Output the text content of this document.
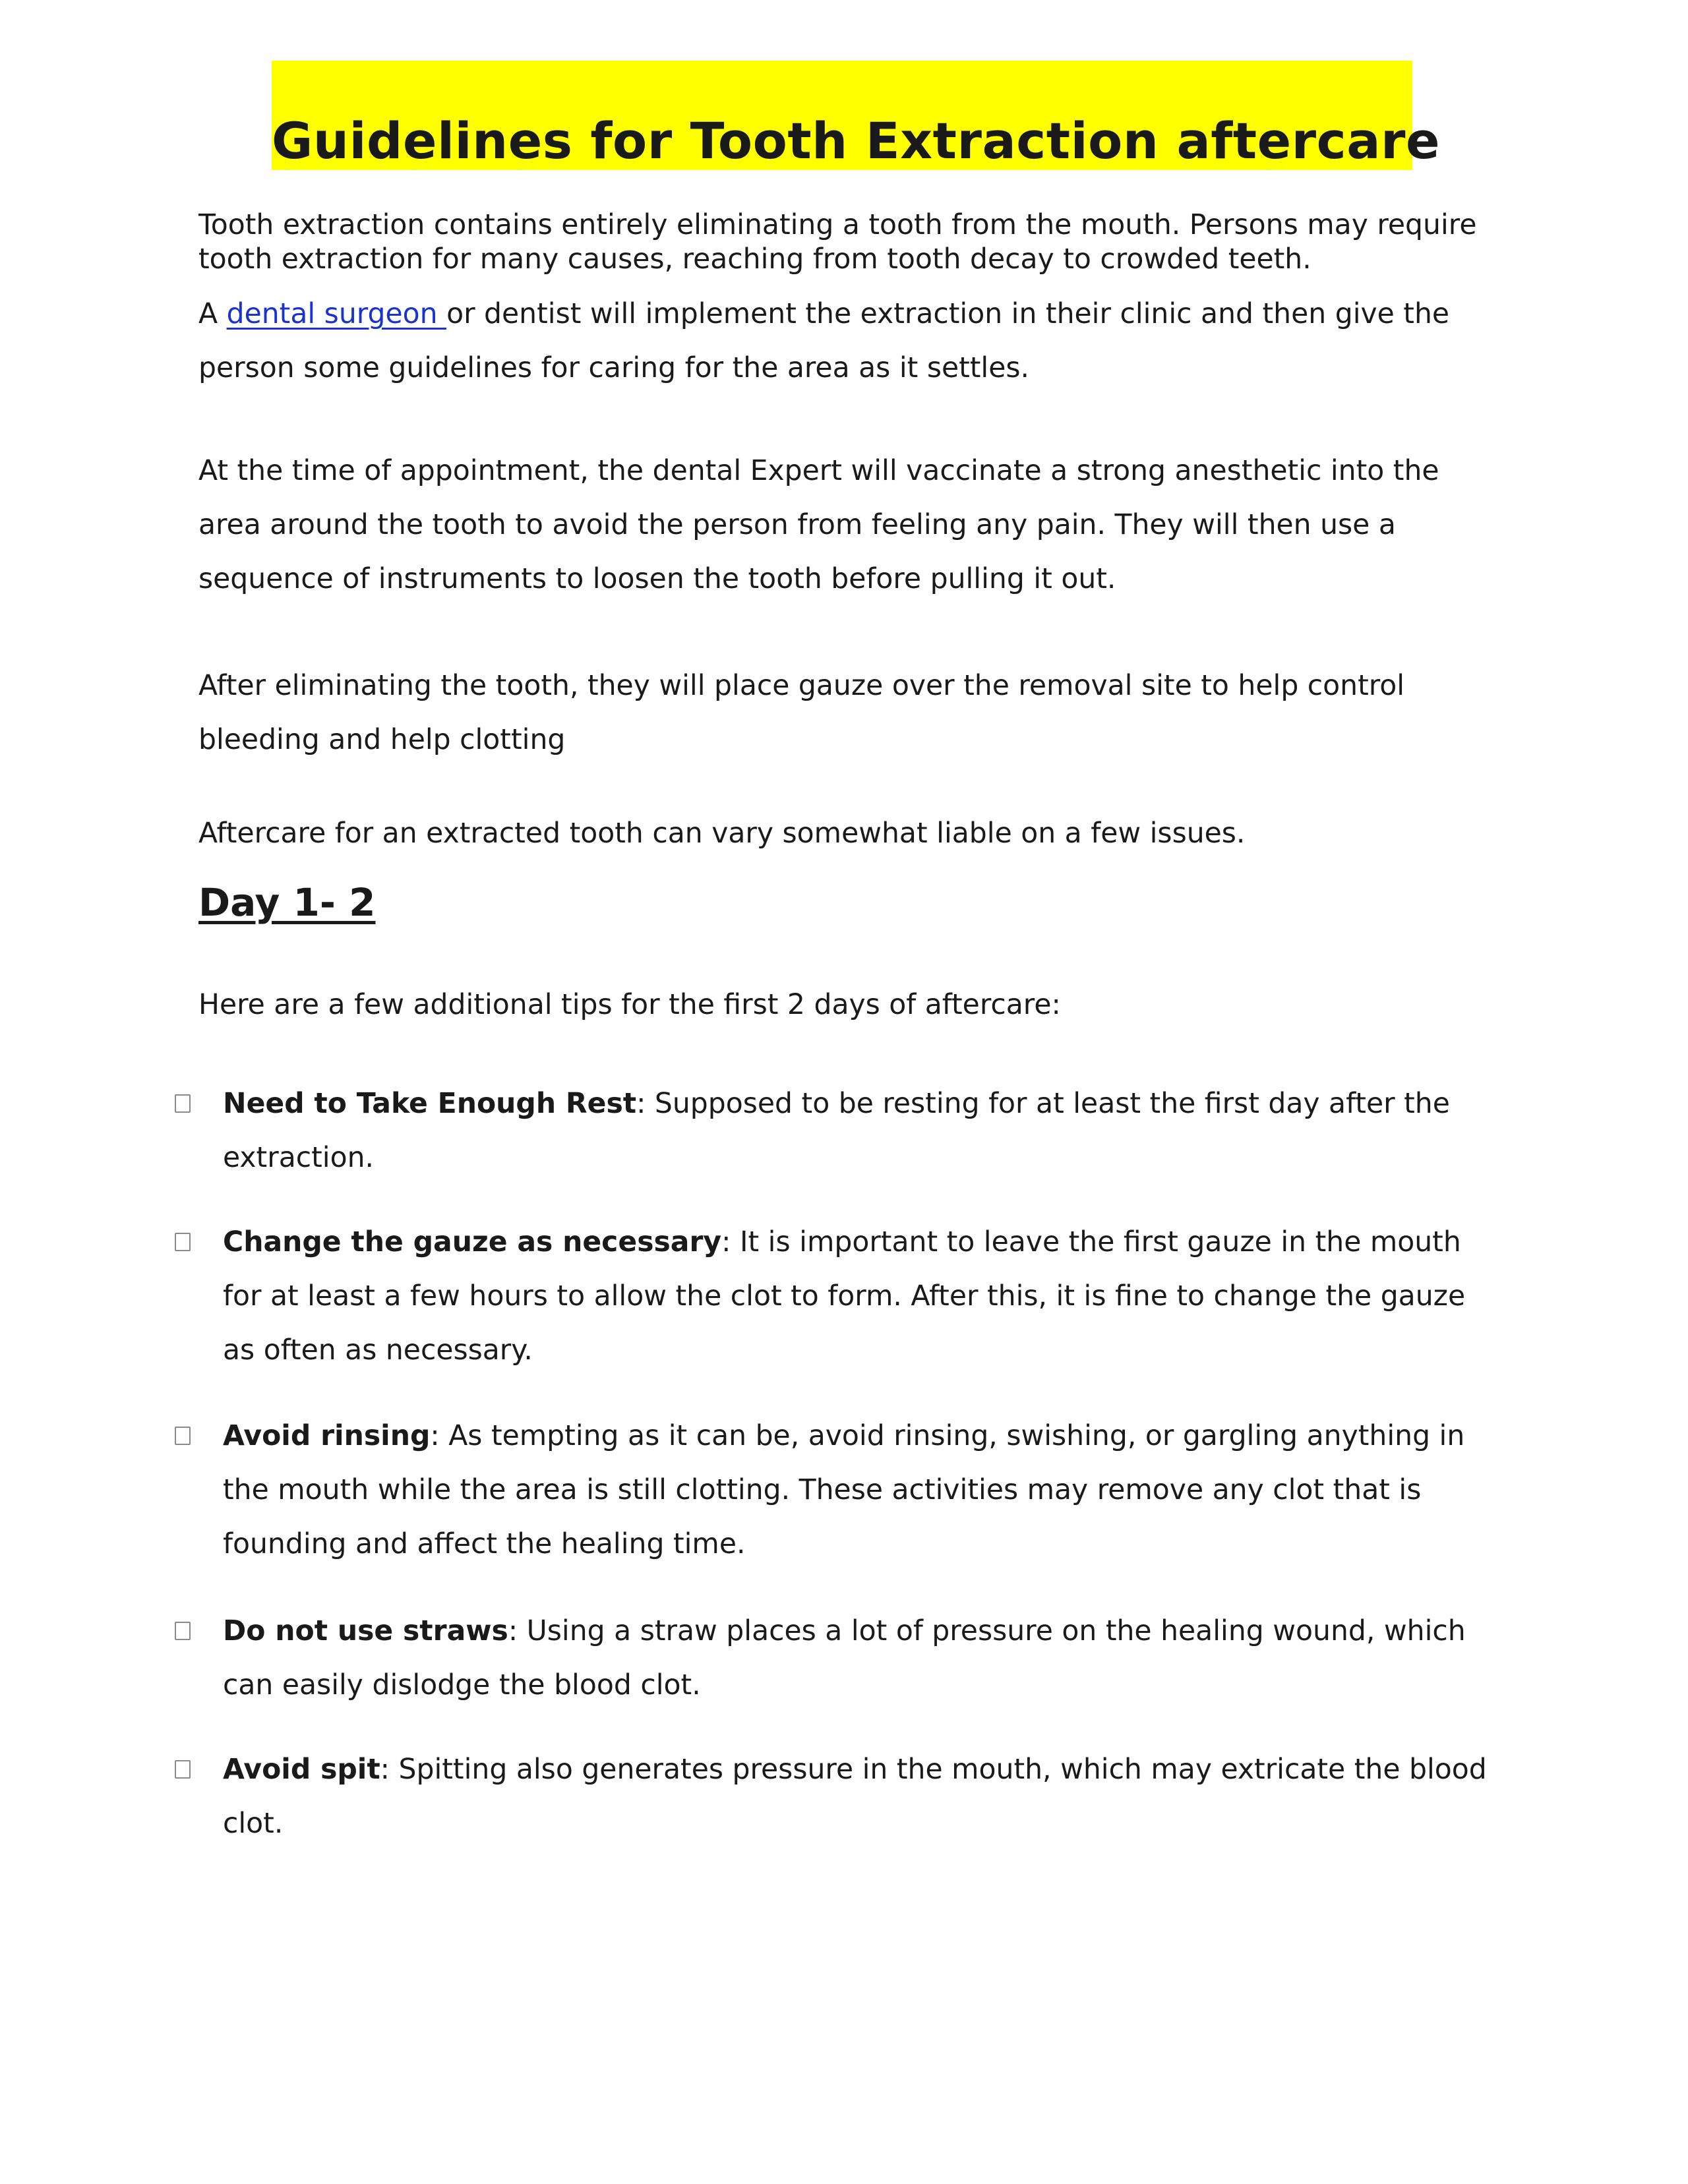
Guidelines for Tooth Extraction aftercare

Tooth extraction contains entirely eliminating a tooth from the mouth. Persons may require

tooth extraction for many causes, reaching from tooth decay to crowded teeth.

A dental surgeon or dentist will implement the extraction in their clinic and then give the

person some guidelines for caring for the area as it settles.

At the time of appointment, the dental Expert will vaccinate a strong anesthetic into the

area around the tooth to avoid the person from feeling any pain. They will then use a

sequence of instruments to loosen the tooth before pulling it out.

After eliminating the tooth, they will place gauze over the removal site to help control

bleeding and help clotting

Aftercare for an extracted tooth can vary somewhat liable on a few issues.

Day 1- 2

Here are a few additional tips for the first 2 days of aftercare:

Need to Take Enough Rest: Supposed to be resting for at least the first day after the

extraction.

Change the gauze as necessary: It is important to leave the first gauze in the mouth

for at least a few hours to allow the clot to form. After this, it is fine to change the gauze

as often as necessary.

Avoid rinsing: As tempting as it can be, avoid rinsing, swishing, or gargling anything in

the mouth while the area is still clotting. These activities may remove any clot that is

founding and affect the healing time.

Do not use straws: Using a straw places a lot of pressure on the healing wound, which

can easily dislodge the blood clot.

Avoid spit: Spitting also generates pressure in the mouth, which may extricate the blood

clot.
